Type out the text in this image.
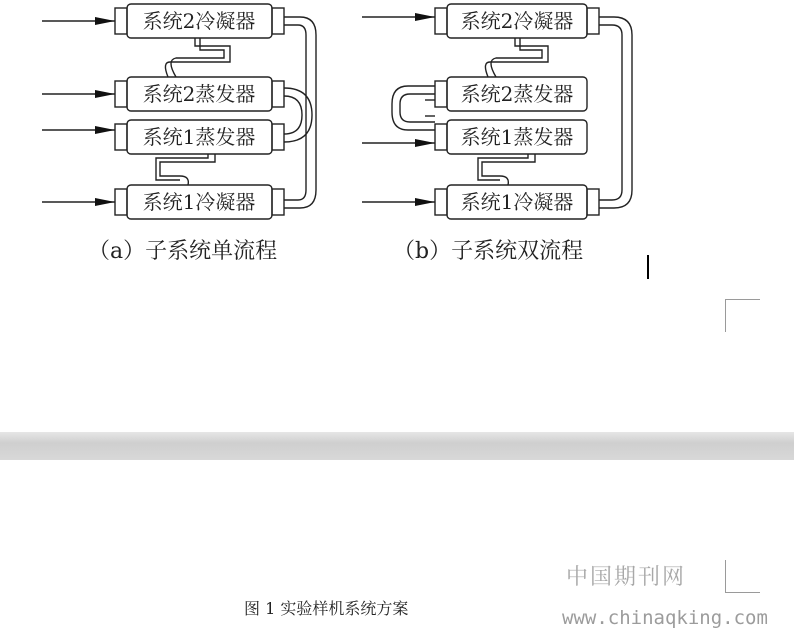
系统2冷凝器
系统2蒸发器
系统1蒸发器
系统1冷凝器
系统2冷凝器
系统2蒸发器
系统1蒸发器
系统1冷凝器
（a）子系统单流程	（b）子系统双流程
中国期刊网
图 1 实验样机系统方案	www.chinaqking.com
